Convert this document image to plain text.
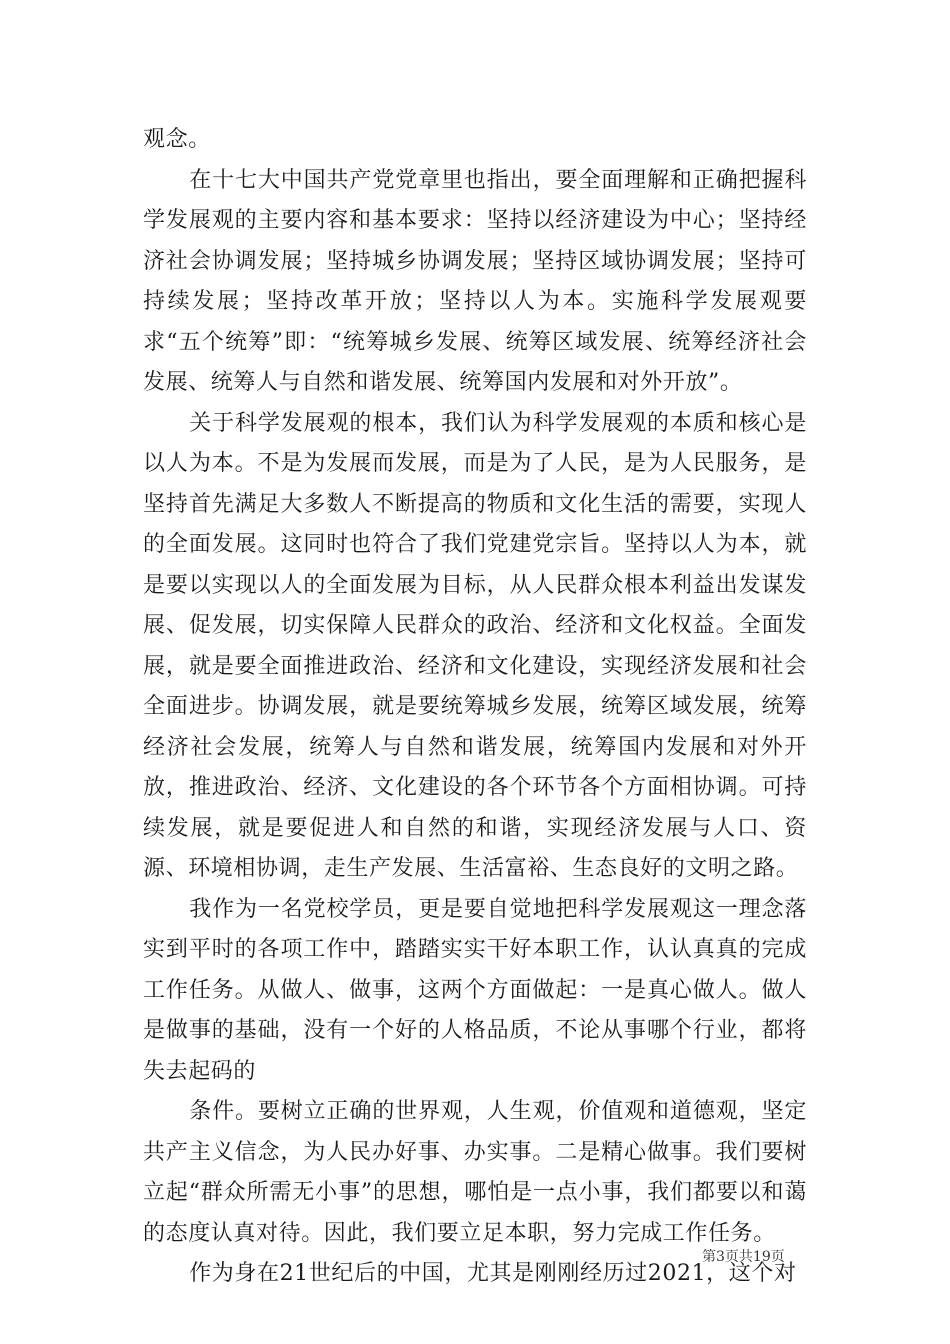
观念。

在十七大中国共产党党章里也指出，要全面理解和正确把握科学发展观的主要内容和基本要求：坚持以经济建设为中心；坚持经济社会协调发展；坚持城乡协调发展；坚持区域协调发展；坚持可持续发展；坚持改革开放；坚持以人为本。实施科学发展观要求“五个统筹”即：“统筹城乡发展、统筹区域发展、统筹经济社会发展、统筹人与自然和谐发展、统筹国内发展和对外开放”。

关于科学发展观的根本，我们认为科学发展观的本质和核心是以人为本。不是为发展而发展，而是为了人民，是为人民服务，是坚持首先满足大多数人不断提高的物质和文化生活的需要，实现人的全面发展。这同时也符合了我们党建党宗旨。坚持以人为本，就是要以实现以人的全面发展为目标，从人民群众根本利益出发谋发展、促发展，切实保障人民群众的政治、经济和文化权益。全面发展，就是要全面推进政治、经济和文化建设，实现经济发展和社会全面进步。协调发展，就是要统筹城乡发展，统筹区域发展，统筹经济社会发展，统筹人与自然和谐发展，统筹国内发展和对外开放，推进政治、经济、文化建设的各个环节各个方面相协调。可持续发展，就是要促进人和自然的和谐，实现经济发展与人口、资源、环境相协调，走生产发展、生活富裕、生态良好的文明之路。

我作为一名党校学员，更是要自觉地把科学发展观这一理念落实到平时的各项工作中，踏踏实实干好本职工作，认认真真的完成工作任务。从做人、做事，这两个方面做起：一是真心做人。做人是做事的基础，没有一个好的人格品质，不论从事哪个行业，都将失去起码的

条件。要树立正确的世界观，人生观，价值观和道德观，坚定共产主义信念，为人民办好事、办实事。二是精心做事。我们要树立起“群众所需无小事”的思想，哪怕是一点小事，我们都要以和蔼的态度认真对待。因此，我们要立足本职，努力完成工作任务。

作为身在21世纪后的中国，尤其是刚刚经历过2021，这个对

第3页共19页
